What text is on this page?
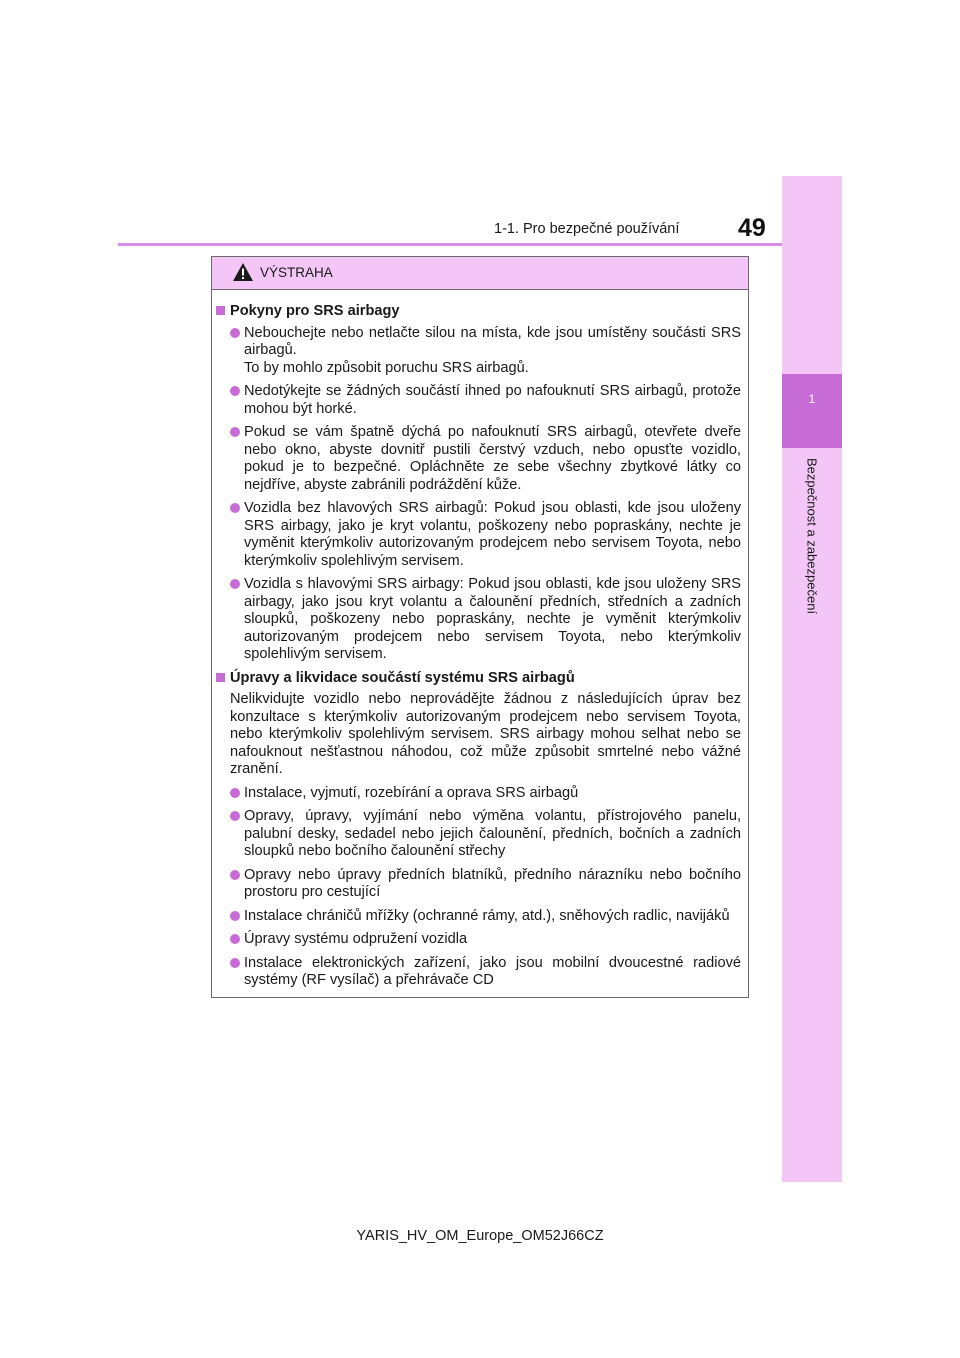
49
1-1. Pro bezpečné používání
1
Bezpečnost a zabezpečení
VÝSTRAHA
Pokyny pro SRS airbagy
Nebouchejte nebo netlačte silou na místa, kde jsou umístěny součásti SRS airbagů.
To by mohlo způsobit poruchu SRS airbagů.
Nedotýkejte se žádných součástí ihned po nafouknutí SRS airbagů, protože mohou být horké.
Pokud se vám špatně dýchá po nafouknutí SRS airbagů, otevřete dveře nebo okno, abyste dovnitř pustili čerstvý vzduch, nebo opusťte vozidlo, pokud je to bezpečné. Opláchněte ze sebe všechny zbytkové látky co nejdříve, abyste zabránili podráždění kůže.
Vozidla bez hlavových SRS airbagů: Pokud jsou oblasti, kde jsou uloženy SRS airbagy, jako je kryt volantu, poškozeny nebo popraskány, nechte je vyměnit kterýmkoliv autorizovaným prodejcem nebo servisem Toyota, nebo kterýmkoliv spolehlivým servisem.
Vozidla s hlavovými SRS airbagy: Pokud jsou oblasti, kde jsou uloženy SRS airbagy, jako jsou kryt volantu a čalounění předních, středních a zadních sloupků, poškozeny nebo popraskány, nechte je vyměnit kterýmkoliv autorizovaným prodejcem nebo servisem Toyota, nebo kterýmkoliv spolehlivým servisem.
Úpravy a likvidace součástí systému SRS airbagů
Nelikvidujte vozidlo nebo neprovádějte žádnou z následujících úprav bez konzultace s kterýmkoliv autorizovaným prodejcem nebo servisem Toyota, nebo kterýmkoliv spolehlivým servisem. SRS airbagy mohou selhat nebo se nafouknout nešťastnou náhodou, což může způsobit smrtelné nebo vážné zranění.
Instalace, vyjmutí, rozebírání a oprava SRS airbagů
Opravy, úpravy, vyjímání nebo výměna volantu, přístrojového panelu, palubní desky, sedadel nebo jejich čalounění, předních, bočních a zadních sloupků nebo bočního čalounění střechy
Opravy nebo úpravy předních blatníků, předního nárazníku nebo bočního prostoru pro cestující
Instalace chráničů mřížky (ochranné rámy, atd.), sněhových radlic, navijáků
Úpravy systému odpružení vozidla
Instalace elektronických zařízení, jako jsou mobilní dvoucestné radiové systémy (RF vysílač) a přehrávače CD
YARIS_HV_OM_Europe_OM52J66CZ
